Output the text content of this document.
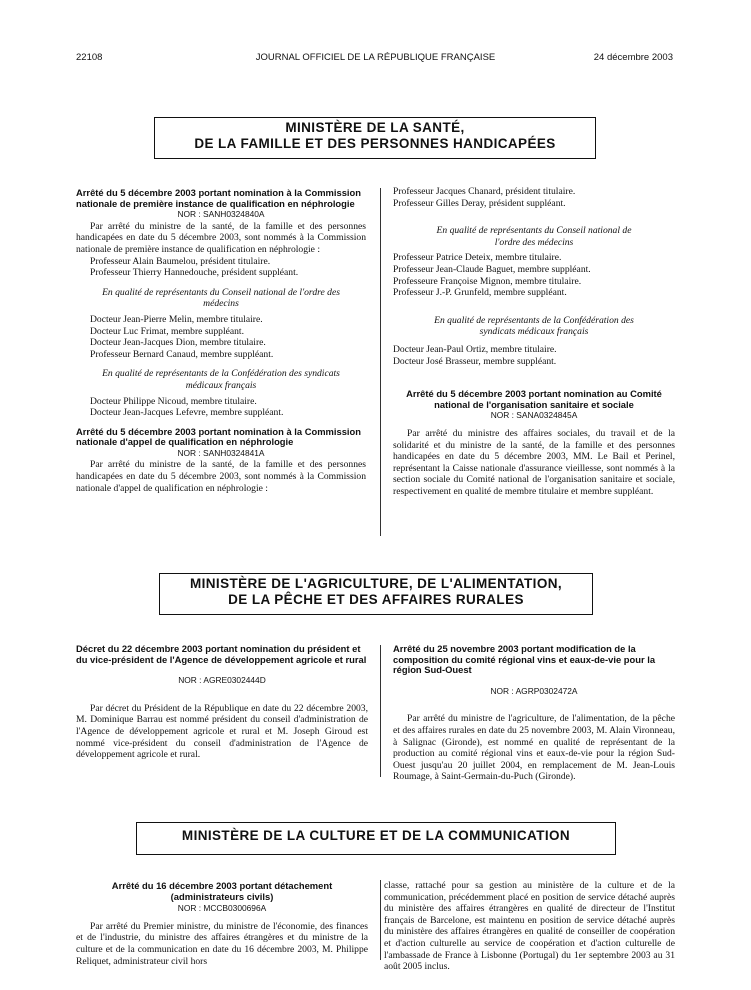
22108	JOURNAL OFFICIEL DE LA RÉPUBLIQUE FRANÇAISE	24 décembre 2003
MINISTÈRE DE LA SANTÉ,
DE LA FAMILLE ET DES PERSONNES HANDICAPÉES

Arrêté du 5 décembre 2003 portant nomination à la Commission nationale de première instance de qualification en néphrologie

NOR : SANH0324840A

Par arrêté du ministre de la santé, de la famille et des personnes handicapées en date du 5 décembre 2003, sont nommés à la Commission nationale de première instance de qualification en néphrologie :

Professeur Alain Baumelou, président titulaire.

Professeur Thierry Hannedouche, président suppléant.

En qualité de représentants du Conseil national de l'ordre des médecins

Docteur Jean-Pierre Melin, membre titulaire.

Docteur Luc Frimat, membre suppléant.

Docteur Jean-Jacques Dion, membre titulaire.

Professeur Bernard Canaud, membre suppléant.

En qualité de représentants de la Confédération des syndicats médicaux français

Docteur Philippe Nicoud, membre titulaire.

Docteur Jean-Jacques Lefevre, membre suppléant.

Arrêté du 5 décembre 2003 portant nomination à la Commission nationale d'appel de qualification en néphrologie

NOR : SANH0324841A

Par arrêté du ministre de la santé, de la famille et des personnes handicapées en date du 5 décembre 2003, sont nommés à la Commission nationale d'appel de qualification en néphrologie :

Professeur Jacques Chanard, président titulaire.

Professeur Gilles Deray, président suppléant.

En qualité de représentants du Conseil national de l'ordre des médecins

Professeur Patrice Deteix, membre titulaire.

Professeur Jean-Claude Baguet, membre suppléant.

Professeure Françoise Mignon, membre titulaire.

Professeur J.-P. Grunfeld, membre suppléant.

En qualité de représentants de la Confédération des syndicats médicaux français

Docteur Jean-Paul Ortiz, membre titulaire.

Docteur José Brasseur, membre suppléant.

Arrêté du 5 décembre 2003 portant nomination au Comité national de l'organisation sanitaire et sociale

NOR : SANA0324845A

Par arrêté du ministre des affaires sociales, du travail et de la solidarité et du ministre de la santé, de la famille et des personnes handicapées en date du 5 décembre 2003, MM. Le Bail et Perinel, représentant la Caisse nationale d'assurance vieillesse, sont nommés à la section sociale du Comité national de l'organisation sanitaire et sociale, respectivement en qualité de membre titulaire et membre suppléant.

MINISTÈRE DE L'AGRICULTURE, DE L'ALIMENTATION,
DE LA PÊCHE ET DES AFFAIRES RURALES

Décret du 22 décembre 2003 portant nomination du président et du vice-président de l'Agence de développement agricole et rural

NOR : AGRE0302444D

Par décret du Président de la République en date du 22 décembre 2003, M. Dominique Barrau est nommé président du conseil d'administration de l'Agence de développement agricole et rural et M. Joseph Giroud est nommé vice-président du conseil d'administration de l'Agence de développement agricole et rural.

Arrêté du 25 novembre 2003 portant modification de la composition du comité régional vins et eaux-de-vie pour la région Sud-Ouest

NOR : AGRP0302472A

Par arrêté du ministre de l'agriculture, de l'alimentation, de la pêche et des affaires rurales en date du 25 novembre 2003, M. Alain Vironneau, à Salignac (Gironde), est nommé en qualité de représentant de la production au comité régional vins et eaux-de-vie pour la région Sud-Ouest jusqu'au 20 juillet 2004, en remplacement de M. Jean-Louis Roumage, à Saint-Germain-du-Puch (Gironde).

MINISTÈRE DE LA CULTURE ET DE LA COMMUNICATION

Arrêté du 16 décembre 2003 portant détachement (administrateurs civils)

NOR : MCCB0300696A

Par arrêté du Premier ministre, du ministre de l'économie, des finances et de l'industrie, du ministre des affaires étrangères et du ministre de la culture et de la communication en date du 16 décembre 2003, M. Philippe Reliquet, administrateur civil hors

classe, rattaché pour sa gestion au ministère de la culture et de la communication, précédemment placé en position de service détaché auprès du ministère des affaires étrangères en qualité de directeur de l'Institut français de Barcelone, est maintenu en position de service détaché auprès du ministère des affaires étrangères en qualité de conseiller de coopération et d'action culturelle au service de coopération et d'action culturelle de l'ambassade de France à Lisbonne (Portugal) du 1er septembre 2003 au 31 août 2005 inclus.
